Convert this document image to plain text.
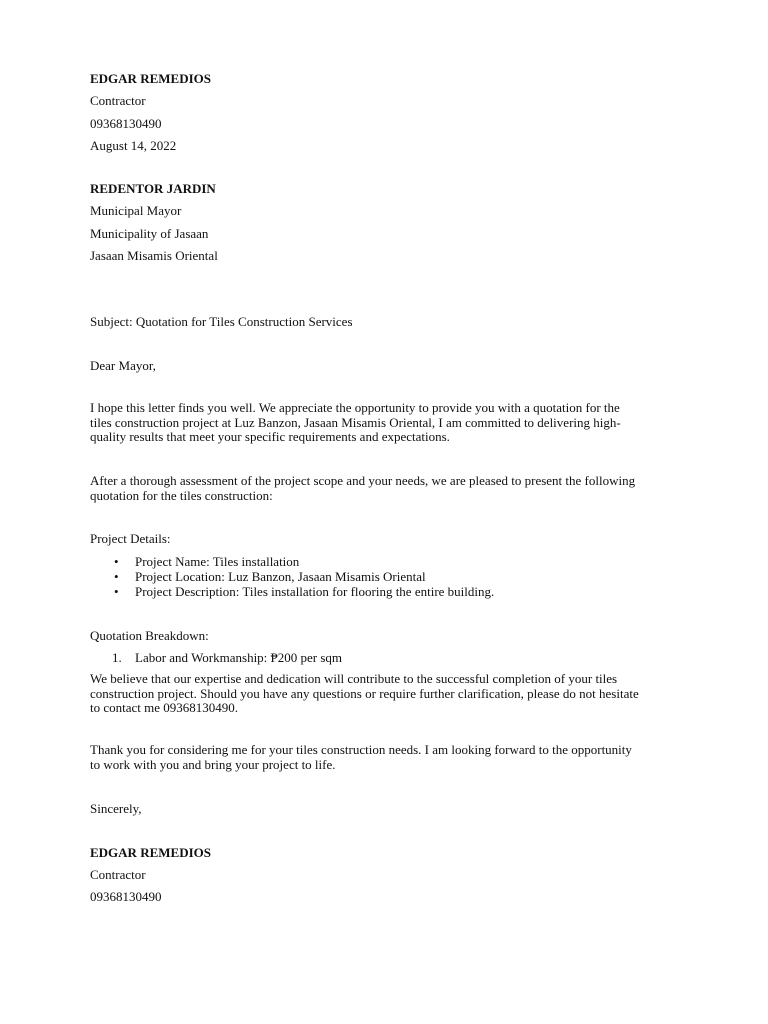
EDGAR REMEDIOS
Contractor
09368130490
August 14, 2022
REDENTOR JARDIN
Municipal Mayor
Municipality of Jasaan
Jasaan Misamis Oriental
Subject: Quotation for Tiles Construction Services
Dear Mayor,
I hope this letter finds you well. We appreciate the opportunity to provide you with a quotation for the
tiles construction project at Luz Banzon, Jasaan Misamis Oriental, I am committed to delivering high-
quality results that meet your specific requirements and expectations.
After a thorough assessment of the project scope and your needs, we are pleased to present the following
quotation for the tiles construction:
Project Details:
• Project Name: Tiles installation
• Project Location: Luz Banzon, Jasaan Misamis Oriental
• Project Description: Tiles installation for flooring the entire building.
Quotation Breakdown:
1. Labor and Workmanship: ₱200 per sqm
We believe that our expertise and dedication will contribute to the successful completion of your tiles
construction project. Should you have any questions or require further clarification, please do not hesitate
to contact me 09368130490.
Thank you for considering me for your tiles construction needs. I am looking forward to the opportunity
to work with you and bring your project to life.
Sincerely,
EDGAR REMEDIOS
Contractor
09368130490
